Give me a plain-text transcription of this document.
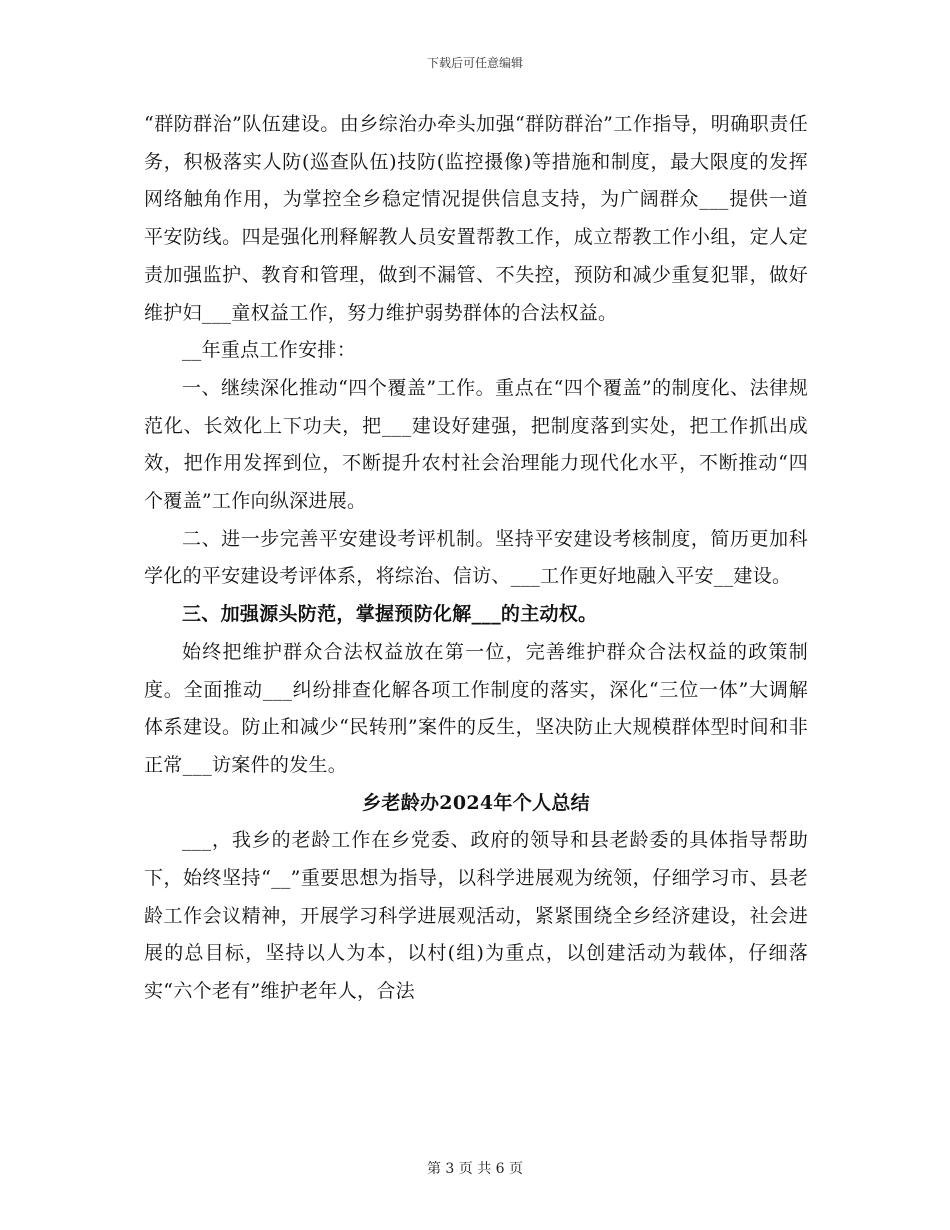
下载后可任意编辑

“群防群治”队伍建设。由乡综治办牵头加强“群防群治”工作指导，明确职责任务，积极落实人防(巡查队伍)技防(监控摄像)等措施和制度，最大限度的发挥网络触角作用，为掌控全乡稳定情况提供信息支持，为广阔群众___提供一道平安防线。四是强化刑释解教人员安置帮教工作，成立帮教工作小组，定人定责加强监护、教育和管理，做到不漏管、不失控，预防和减少重复犯罪，做好维护妇___童权益工作，努力维护弱势群体的合法权益。

__年重点工作安排：

一、继续深化推动“四个覆盖”工作。重点在“四个覆盖”的制度化、法律规范化、长效化上下功夫，把___建设好建强，把制度落到实处，把工作抓出成效，把作用发挥到位，不断提升农村社会治理能力现代化水平，不断推动“四个覆盖”工作向纵深进展。

二、进一步完善平安建设考评机制。坚持平安建设考核制度，简历更加科学化的平安建设考评体系，将综治、信访、___工作更好地融入平安__建设。

三、加强源头防范，掌握预防化解___的主动权。

始终把维护群众合法权益放在第一位，完善维护群众合法权益的政策制度。全面推动___纠纷排查化解各项工作制度的落实，深化“三位一体”大调解体系建设。防止和减少“民转刑”案件的反生，坚决防止大规模群体型时间和非正常___访案件的发生。

乡老龄办2024年个人总结

___，我乡的老龄工作在乡党委、政府的领导和县老龄委的具体指导帮助下，始终坚持“__”重要思想为指导，以科学进展观为统领，仔细学习市、县老龄工作会议精神，开展学习科学进展观活动，紧紧围绕全乡经济建设，社会进展的总目标，坚持以人为本，以村(组)为重点，以创建活动为载体，仔细落实“六个老有”维护老年人，合法

第 3 页 共 6 页
